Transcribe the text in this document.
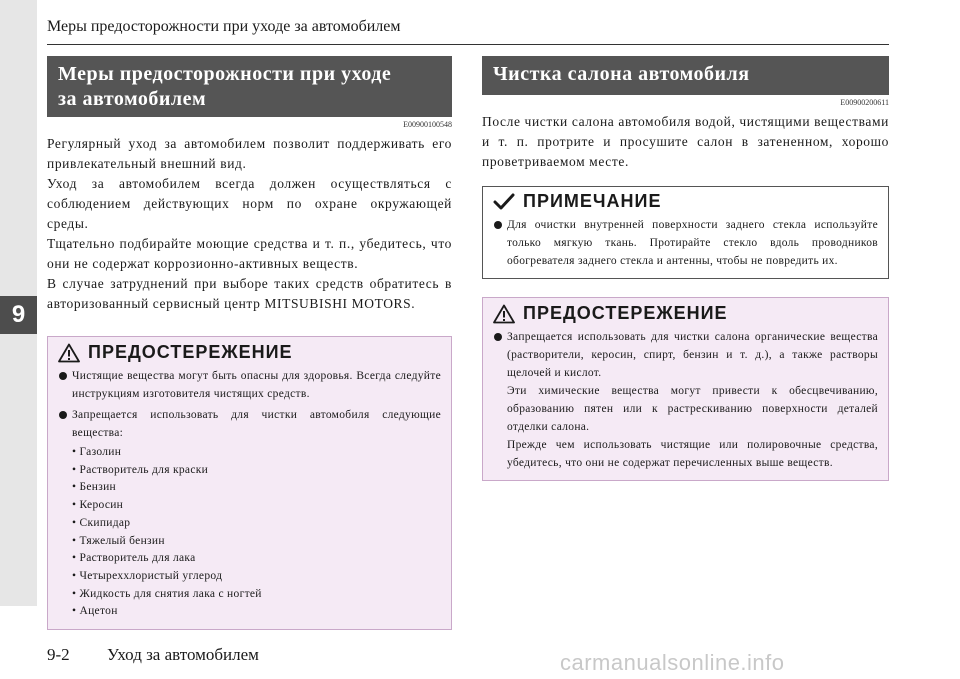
9
Меры предосторожности при уходе за автомобилем
Меры предосторожности при уходе
за автомобилем
E00900100548

Регулярный уход за автомобилем позволит поддерживать его привлекательный внешний вид.

Уход за автомобилем всегда должен осуществляться с соблюдением действующих норм по охране окружающей среды.

Тщательно подбирайте моющие средства и т. п., убедитесь, что они не содержат коррозионно-активных веществ.

В случае затруднений при выборе таких средств обратитесь в авторизованный сервисный центр MITSUBISHI MOTORS.

ПРЕДОСТЕРЕЖЕНИЕ
Чистящие вещества могут быть опасны для здоровья. Всегда следуйте инструкциям изготовителя чистящих средств.
Запрещается использовать для чистки автомобиля следующие вещества:
• Газолин
• Растворитель для краски
• Бензин
• Керосин
• Скипидар
• Тяжелый бензин
• Растворитель для лака
• Четыреххлористый углерод
• Жидкость для снятия лака с ногтей
• Ацетон
Чистка салона автомобиля
E00900200611

После чистки салона автомобиля водой, чистящими веществами и т. п. протрите и просушите салон в затененном, хорошо проветриваемом месте.

ПРИМЕЧАНИЕ
Для очистки внутренней поверхности заднего стекла используйте только мягкую ткань. Протирайте стекло вдоль проводников обогревателя заднего стекла и антенны, чтобы не повредить их.
ПРЕДОСТЕРЕЖЕНИЕ
Запрещается использовать для чистки салона органические вещества (растворители, керосин, спирт, бензин и т. д.), а также растворы щелочей и кислот.
Эти химические вещества могут привести к обесцвечиванию, образованию пятен или к растрескиванию поверхности деталей отделки салона.
Прежде чем использовать чистящие или полировочные средства, убедитесь, что они не содержат перечисленных выше веществ.
9-2 Уход за автомобилем	carmanualsonline.info
